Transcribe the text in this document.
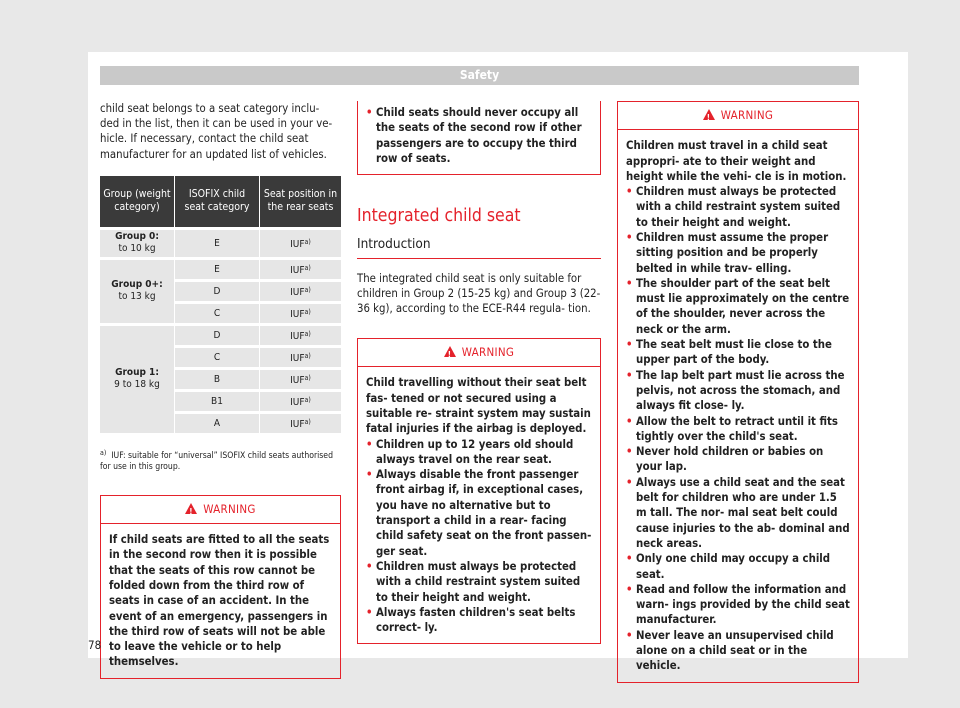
Safety

child seat belongs to a seat category inclu- ded in the list, then it can be used in your ve- hicle. If necessary, contact the child seat manufacturer for an updated list of vehicles.

Group (weight category)	ISOFIX child seat category	Seat position in the rear seats
Group 0:
to 10 kg	E	IUF$^{a)}$
Group 0+:
to 13 kg	E	IUF$^{a)}$
	D	IUF$^{a)}$
	C	IUF$^{a)}$
Group 1:
9 to 18 kg	D	IUF$^{a)}$
	C	IUF$^{a)}$
	B	IUF$^{a)}$
	B1	IUF$^{a)}$
	A	IUF$^{a)}$

$^{a)}$ IUF: suitable for “universal” ISOFIX child seats authorised for use in this group.

!WARNING
If child seats are fitted to all the seats in the second row then it is possible that the seats of this row cannot be folded down from the third row of seats in case of an accident. In the event of an emergency, passengers in the third row of seats will not be able to leave the vehicle or to help themselves.
• Child seats should never occupy all the seats of the second row if other passengers are to occupy the third row of seats.
Integrated child seat
Introduction

The integrated child seat is only suitable for children in Group 2 (15-25 kg) and Group 3 (22-36 kg), according to the ECE-R44 regula- tion.

!WARNING
Child travelling without their seat belt fas- tened or not secured using a suitable re- straint system may sustain fatal injuries if the airbag is deployed.
• Children up to 12 years old should always travel on the rear seat.
• Always disable the front passenger front airbag if, in exceptional cases, you have no alternative but to transport a child in a rear- facing child safety seat on the front passen- ger seat.
• Children must always be protected with a child restraint system suited to their height and weight.
• Always fasten children's seat belts correct- ly.
!WARNING
Children must travel in a child seat appropri- ate to their weight and height while the vehi- cle is in motion.
• Children must always be protected with a child restraint system suited to their height and weight.
• Children must assume the proper sitting position and be properly belted in while trav- elling.
• The shoulder part of the seat belt must lie approximately on the centre of the shoulder, never across the neck or the arm.
• The seat belt must lie close to the upper part of the body.
• The lap belt part must lie across the pelvis, not across the stomach, and always fit close- ly.
• Allow the belt to retract until it fits tightly over the child's seat.
• Never hold children or babies on your lap.
• Always use a child seat and the seat belt for children who are under 1.5 m tall. The nor- mal seat belt could cause injuries to the ab- dominal and neck areas.
• Only one child may occupy a child seat.
• Read and follow the information and warn- ings provided by the child seat manufacturer.
• Never leave an unsupervised child alone on a child seat or in the vehicle.
78
